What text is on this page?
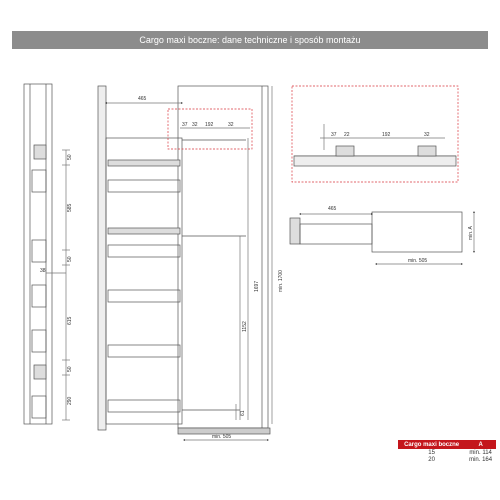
Cargo maxi boczne: dane techniczne i sposób montażu
50
585
50
38
615
50
290
465
37 32 192	32
1697	min. 1700
1152
61
min. 505
37 22	192	32
465
min. 505
min. A
Cargo maxi boczne	A
15	min. 114
20	min. 164
